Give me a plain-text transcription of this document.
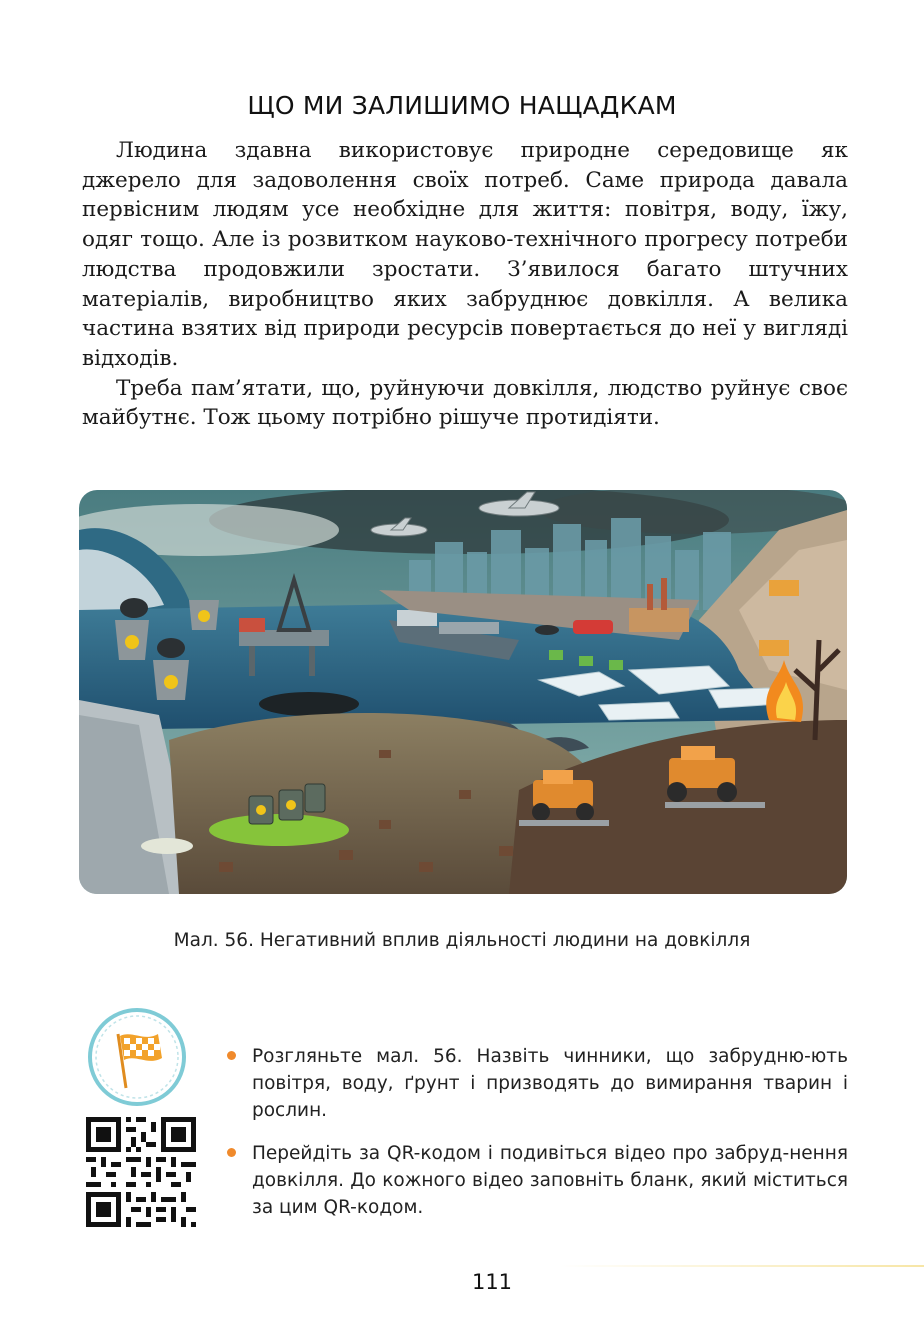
ЩО МИ ЗАЛИШИМО НАЩАДКАМ

Людина здавна використовує природне середовище як джерело для задоволення своїх потреб. Саме природа давала первісним людям усе необхідне для життя: повітря, воду, їжу, одяг тощо. Але із розвитком науково-технічного прогресу потреби людства продовжили зростати. З’явилося багато штучних матеріалів, виробництво яких забруднює довкілля. А велика частина взятих від природи ресурсів повертається до неї у вигляді відходів.

Треба пам’ятати, що, руйнуючи довкілля, людство руйнує своє майбутнє. Тож цьому потрібно рішуче протидіяти.

Мал. 56. Негативний вплив діяльності людини на довкілля
Розгляньте мал. 56. Назвіть чинники, що забрудню-ють повітря, воду, ґрунт і призводять до вимирання тварин і рослин.
Перейдіть за QR-кодом і подивіться відео про забруд-нення довкілля. До кожного відео заповніть бланк, який міститься за цим QR-кодом.
111
